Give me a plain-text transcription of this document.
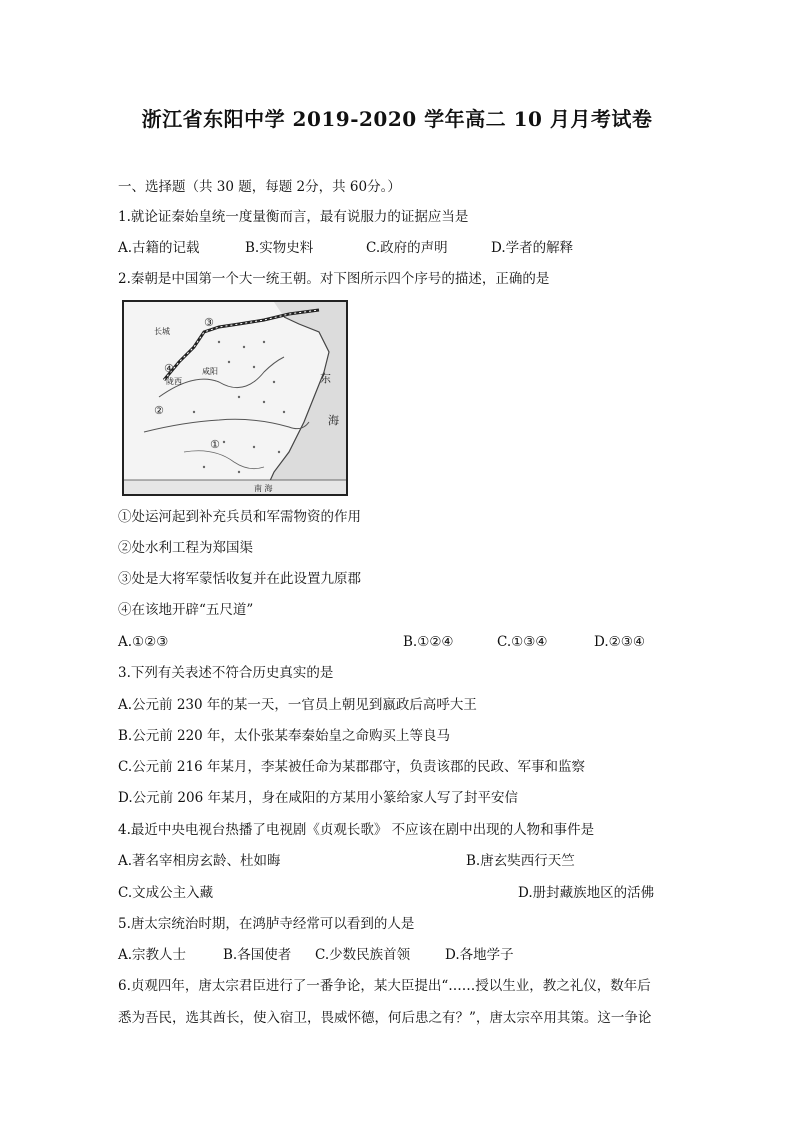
浙江省东阳中学 2019-2020 学年高二 10 月月考试卷
一、选择题（共 30 题，每题 2分，共 60分。）
1.就论证秦始皇统一度量衡而言，最有说服力的证据应当是
A.古籍的记载	B.实物史料	C.政府的声明	D.学者的解释
2.秦朝是中国第一个大一统王朝。对下图所示四个序号的描述，正确的是
长城
咸阳
陇西	东
海
南 海
①
②
③
④
①处运河起到补充兵员和军需物资的作用
②处水利工程为郑国渠
③处是大将军蒙恬收复并在此设置九原郡
④在该地开辟“五尺道”
A.①②③	B.①②④	C.①③④	D.②③④
3.下列有关表述不符合历史真实的是
A.公元前 230 年的某一天，一官员上朝见到嬴政后高呼大王
B.公元前 220 年，太仆张某奉秦始皇之命购买上等良马
C.公元前 216 年某月，李某被任命为某郡郡守，负责该郡的民政、军事和监察
D.公元前 206 年某月，身在咸阳的方某用小篆给家人写了封平安信
4.最近中央电视台热播了电视剧《贞观长歌》 不应该在剧中出现的人物和事件是
A.著名宰相房玄龄、杜如晦	B.唐玄奘西行天竺
C.文成公主入藏	D.册封藏族地区的活佛
5.唐太宗统治时期，在鸿胪寺经常可以看到的人是
A.宗教人士	B.各国使者 C.少数民族首领	D.各地学子
6.贞观四年，唐太宗君臣进行了一番争论，某大臣提出“……授以生业，教之礼仪，数年后
悉为吾民，选其酋长，使入宿卫，畏威怀德，何后患之有？”，唐太宗卒用其策。这一争论
